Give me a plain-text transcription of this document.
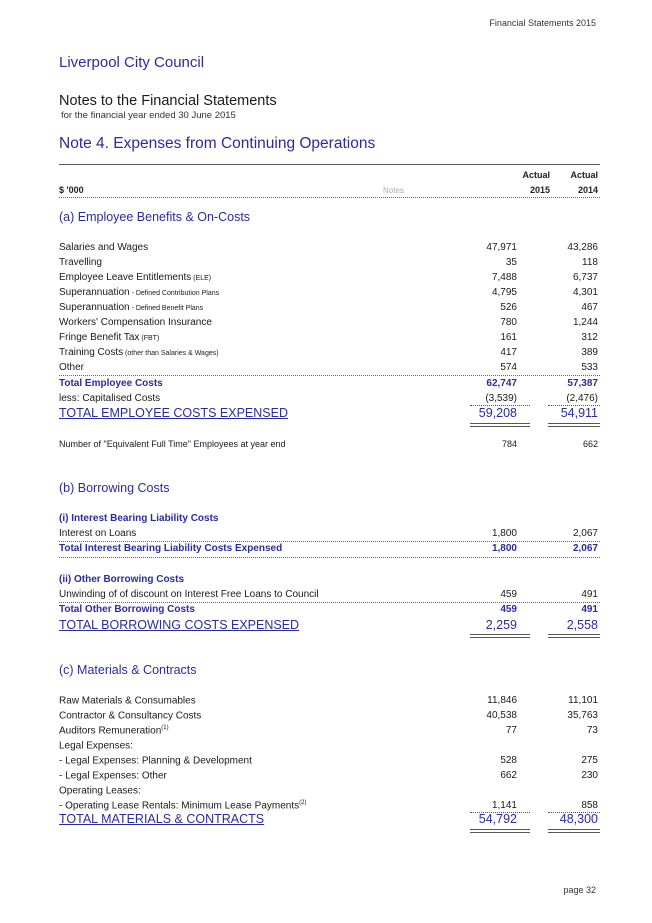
Financial Statements 2015
Liverpool City Council
Notes to the Financial Statements
for the financial year ended 30 June 2015
Note 4. Expenses from Continuing Operations
Actual	Actual
$ '000	Notes	2015	2014
(a) Employee Benefits & On-Costs
Salaries and Wages	47,971	43,286
Travelling	35	118
Employee Leave Entitlements (ELE)	7,488	6,737
Superannuation - Defined Contribution Plans	4,795	4,301
Superannuation - Defined Benefit Plans	526	467
Workers' Compensation Insurance	780	1,244
Fringe Benefit Tax (FBT)	161	312
Training Costs (other than Salaries & Wages)	417	389
Other	574	533
Total Employee Costs	62,747	57,387
less: Capitalised Costs	(3,539)	(2,476)
TOTAL EMPLOYEE COSTS EXPENSED	59,208	54,911
Number of "Equivalent Full Time" Employees at year end	784	662
(b) Borrowing Costs
(i) Interest Bearing Liability Costs
Interest on Loans	1,800	2,067
Total Interest Bearing Liability Costs Expensed	1,800	2,067
(ii) Other Borrowing Costs
Unwinding of of discount on Interest Free Loans to Council	459	491
Total Other Borrowing Costs	459	491
TOTAL BORROWING COSTS EXPENSED	2,259	2,558
(c) Materials & Contracts
Raw Materials & Consumables	11,846	11,101
Contractor & Consultancy Costs	40,538	35,763
Auditors Remuneration$^{(1)}$	77	73
Legal Expenses:
- Legal Expenses: Planning & Development	528	275
- Legal Expenses: Other	662	230
Operating Leases:
- Operating Lease Rentals: Minimum Lease Payments$^{(2)}$	1,141	858
TOTAL MATERIALS & CONTRACTS	54,792	48,300
page 32
